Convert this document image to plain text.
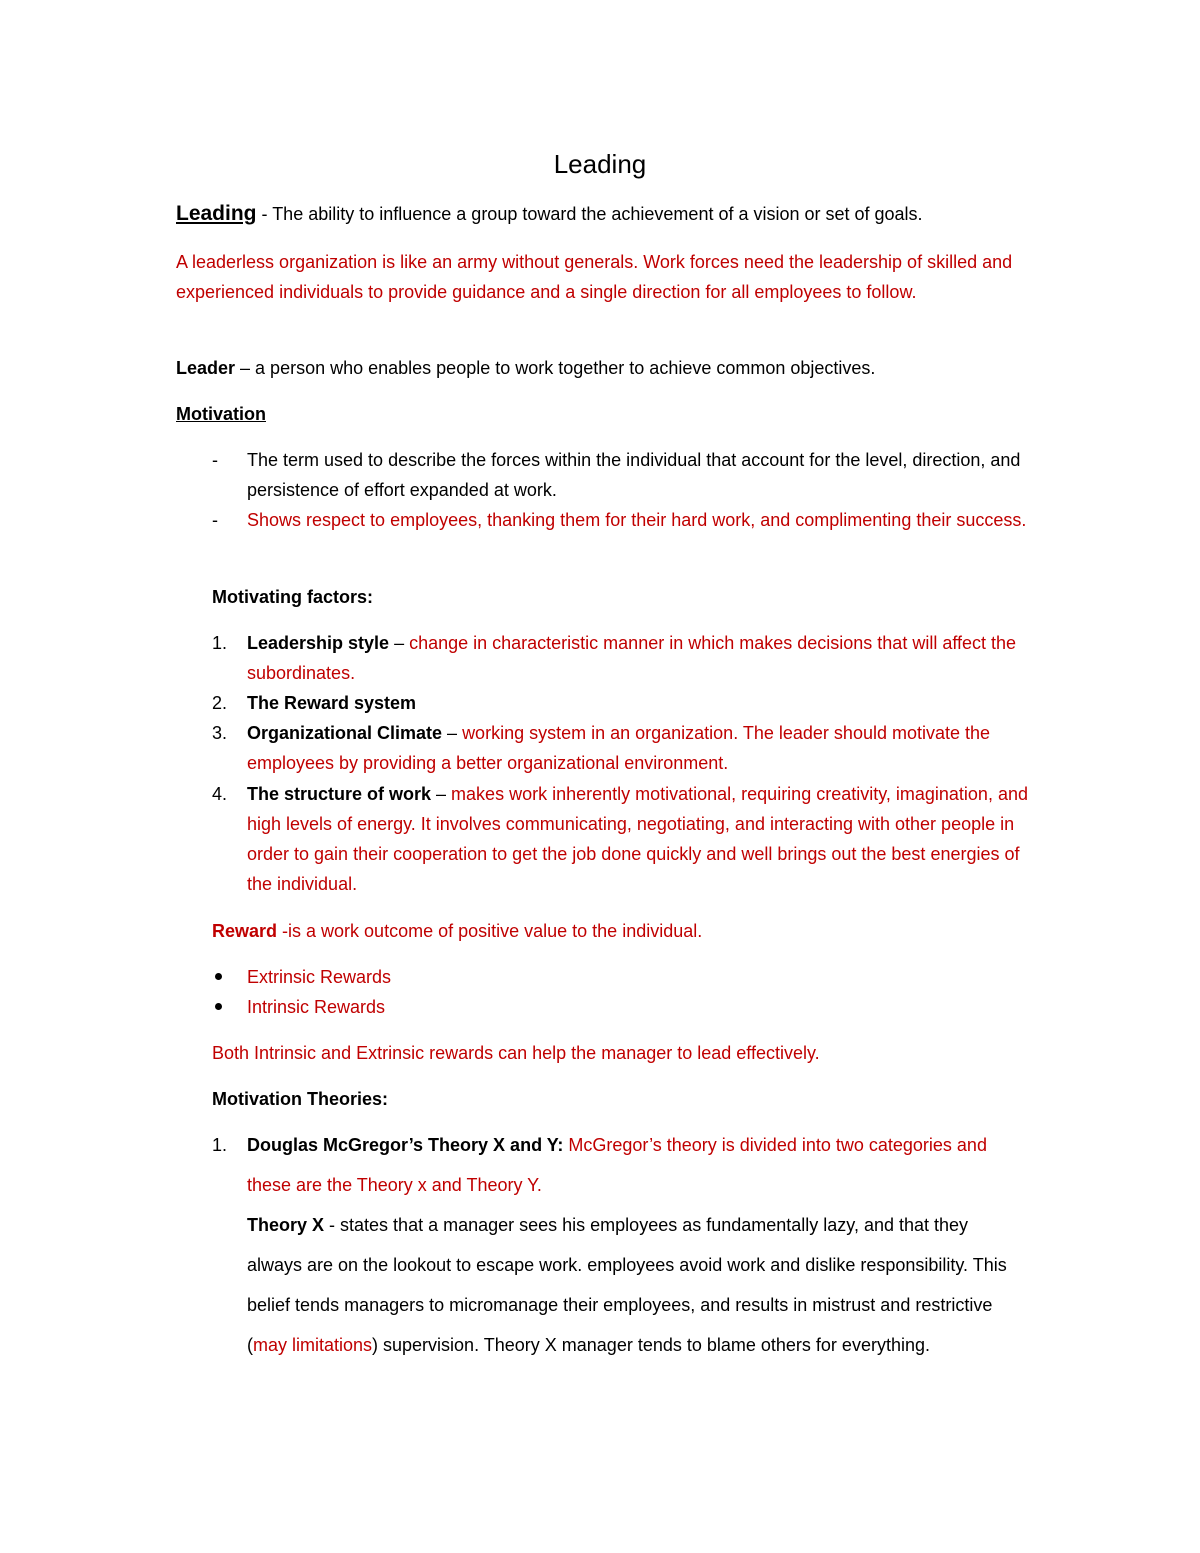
Leading

Leading - The ability to influence a group toward the achievement of a vision or set of goals.

A leaderless organization is like an army without generals. Work forces need the leadership of skilled and experienced individuals to provide guidance and a single direction for all employees to follow.

Leader – a person who enables people to work together to achieve common objectives.

Motivation

-	The term used to describe the forces within the individual that account for the level, direction, and persistence of effort expanded at work.
-	Shows respect to employees, thanking them for their hard work, and complimenting their success.

Motivating factors:

1.	Leadership style – change in characteristic manner in which makes decisions that will affect the subordinates.
2.	The Reward system
3.	Organizational Climate – working system in an organization. The leader should motivate the employees by providing a better organizational environment.
4.	The structure of work – makes work inherently motivational, requiring creativity, imagination, and high levels of energy. It involves communicating, negotiating, and interacting with other people in order to gain their cooperation to get the job done quickly and well brings out the best energies of the individual.

Reward -is a work outcome of positive value to the individual.

Extrinsic Rewards
Intrinsic Rewards

Both Intrinsic and Extrinsic rewards can help the manager to lead effectively.

Motivation Theories:

1.	Douglas McGregor’s Theory X and Y: McGregor’s theory is divided into two categories and these are the Theory x and Theory Y.

Theory X - states that a manager sees his employees as fundamentally lazy, and that they always are on the lookout to escape work. employees avoid work and dislike responsibility. This belief tends managers to micromanage their employees, and results in mistrust and restrictive (may limitations) supervision. Theory X manager tends to blame others for everything.
